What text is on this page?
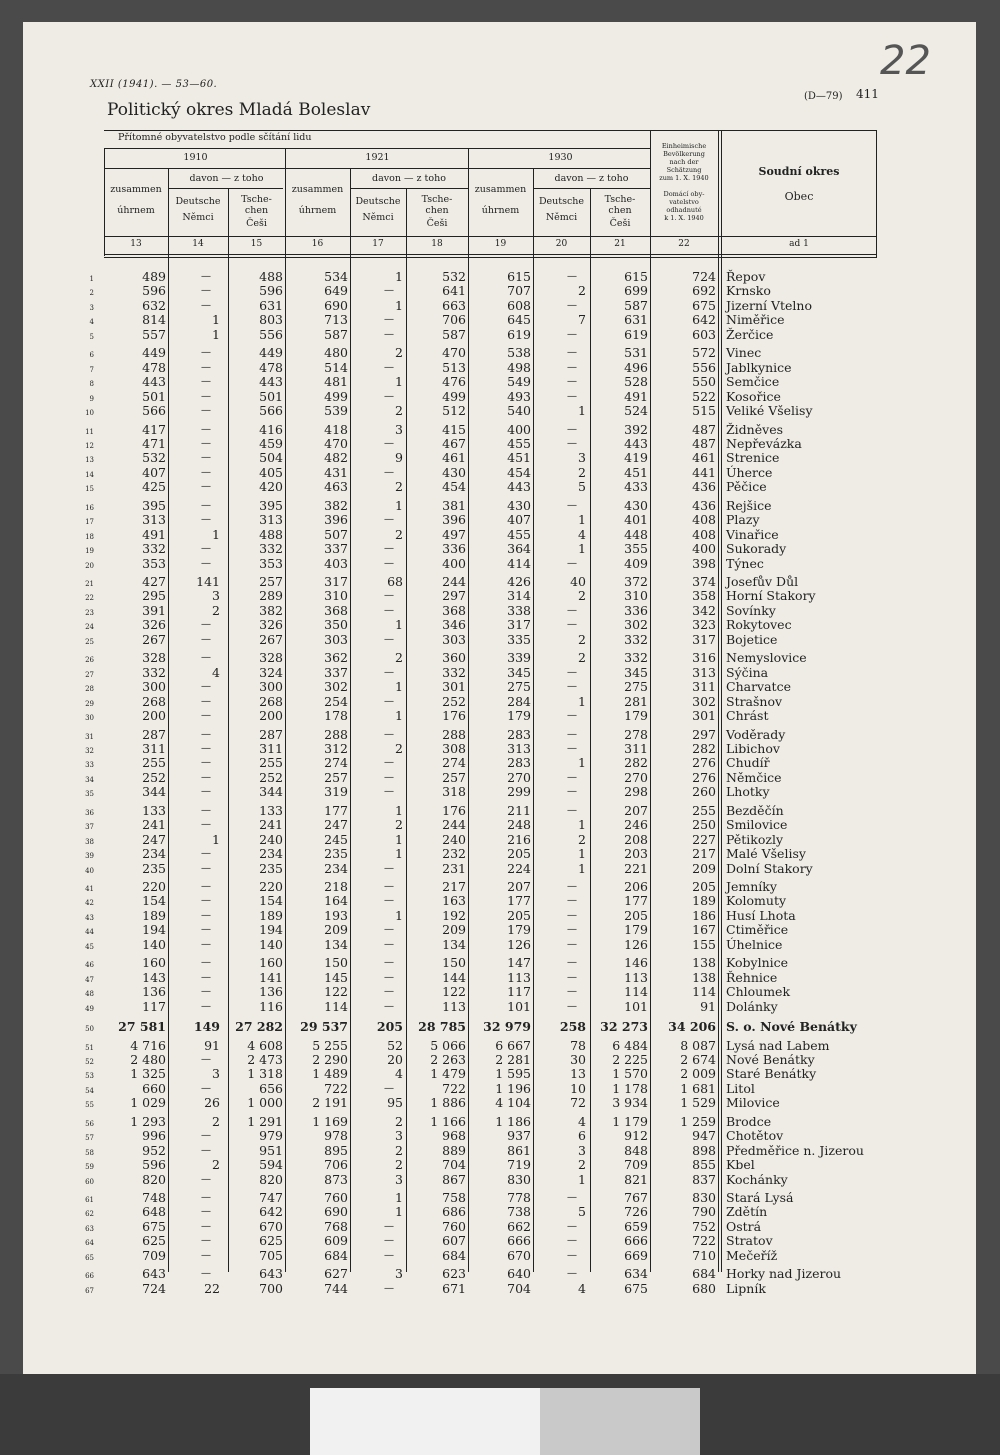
XXII (1941). — 53—60.
Politický okres Mladá Boleslav
(D—79) 411
22
Přítomné obyvatelstvo podle sčítání lidu
1910	1921	1930
davon — z toho	davon — z toho	davon — z toho
zusammen
úhrnem
zusammen
úhrnem
zusammen
úhrnem
Deutsche
Němci
Tsche-
chen
Češi
Deutsche
Němci
Tsche-
chen
Češi
Deutsche
Němci
Tsche-
chen
Češi
Einheimische
Bevölkerung
nach der
Schätzung
zum 1. X. 1940
Domácí oby-
vatelstvo
odhadnuté
k 1. X. 1940
Soudní okres
Obec
13	14	15	16	17	18	19	20	21	22	ad 1
1	489	—	488	534	1	532	615	—	615	724 Řepov
2	596	—	596	649	—	641	707	2	699	692 Krnsko
3	632	—	631	690	1	663	608	—	587	675 Jizerní Vtelno
4	814	1	803	713	—	706	645	7	631	642 Niměřice
5	557	1	556	587	—	587	619	—	619	603 Žerčice
6	449	—	449	480	2	470	538	—	531	572 Vinec
7	478	—	478	514	—	513	498	—	496	556 Jablkynice
8	443	—	443	481	1	476	549	—	528	550 Semčice
9	501	—	501	499	—	499	493	—	491	522 Kosořice
10	566	—	566	539	2	512	540	1	524	515 Veliké Všelisy
11	417	—	416	418	3	415	400	—	392	487 Židněves
12	471	—	459	470	—	467	455	—	443	487 Nepřevázka
13	532	—	504	482	9	461	451	3	419	461 Strenice
14	407	—	405	431	—	430	454	2	451	441 Úherce
15	425	—	420	463	2	454	443	5	433	436 Pěčice
16	395	—	395	382	1	381	430	—	430	436 Rejšice
17	313	—	313	396	—	396	407	1	401	408 Plazy
18	491	1	488	507	2	497	455	4	448	408 Vinařice
19	332	—	332	337	—	336	364	1	355	400 Sukorady
20	353	—	353	403	—	400	414	—	409	398 Týnec
21	427	141	257	317	68	244	426	40	372	374 Josefův Důl
22	295	3	289	310	—	297	314	2	310	358 Horní Stakory
23	391	2	382	368	—	368	338	—	336	342 Sovínky
24	326	—	326	350	1	346	317	—	302	323 Rokytovec
25	267	—	267	303	—	303	335	2	332	317 Bojetice
26	328	—	328	362	2	360	339	2	332	316 Nemyslovice
27	332	4	324	337	—	332	345	—	345	313 Sýčina
28	300	—	300	302	1	301	275	—	275	311 Charvatce
29	268	—	268	254	—	252	284	1	281	302 Strašnov
30	200	—	200	178	1	176	179	—	179	301 Chrást
31	287	—	287	288	—	288	283	—	278	297 Voděrady
32	311	—	311	312	2	308	313	—	311	282 Libichov
33	255	—	255	274	—	274	283	1	282	276 Chudíř
34	252	—	252	257	—	257	270	—	270	276 Němčice
35	344	—	344	319	—	318	299	—	298	260 Lhotky
36	133	—	133	177	1	176	211	—	207	255 Bezděčín
37	241	—	241	247	2	244	248	1	246	250 Smilovice
38	247	1	240	245	1	240	216	2	208	227 Pětikozly
39	234	—	234	235	1	232	205	1	203	217 Malé Všelisy
40	235	—	235	234	—	231	224	1	221	209 Dolní Stakory
41	220	—	220	218	—	217	207	—	206	205 Jemníky
42	154	—	154	164	—	163	177	—	177	189 Kolomuty
43	189	—	189	193	1	192	205	—	205	186 Husí Lhota
44	194	—	194	209	—	209	179	—	179	167 Ctiměřice
45	140	—	140	134	—	134	126	—	126	155 Úhelnice
46	160	—	160	150	—	150	147	—	146	138 Kobylnice
47	143	—	141	145	—	144	113	—	113	138 Řehnice
48	136	—	136	122	—	122	117	—	114	114 Chloumek
49	117	—	116	114	—	113	101	—	101	91 Dolánky
50	27 581	149	27 282	29 537	205	28 785	32 979	258	32 273	34 206 S. o. Nové Benátky
51	4 716	91	4 608	5 255	52	5 066	6 667	78	6 484	8 087 Lysá nad Labem
52	2 480	—	2 473	2 290	20	2 263	2 281	30	2 225	2 674 Nové Benátky
53	1 325	3	1 318	1 489	4	1 479	1 595	13	1 570	2 009 Staré Benátky
54	660	—	656	722	—	722	1 196	10	1 178	1 681 Litol
55	1 029	26	1 000	2 191	95	1 886	4 104	72	3 934	1 529 Milovice
56	1 293	2	1 291	1 169	2	1 166	1 186	4	1 179	1 259 Brodce
57	996	—	979	978	3	968	937	6	912	947 Chotětov
58	952	—	951	895	2	889	861	3	848	898 Předměřice n. Jizerou
59	596	2	594	706	2	704	719	2	709	855 Kbel
60	820	—	820	873	3	867	830	1	821	837 Kochánky
61	748	—	747	760	1	758	778	—	767	830 Stará Lysá
62	648	—	642	690	1	686	738	5	726	790 Zdětín
63	675	—	670	768	—	760	662	—	659	752 Ostrá
64	625	—	625	609	—	607	666	—	666	722 Stratov
65	709	—	705	684	—	684	670	—	669	710 Mečeříž
66	643	—	643	627	3	623	640	—	634	684 Horky nad Jizerou
67	724	22	700	744	—	671	704	4	675	680 Lipník
